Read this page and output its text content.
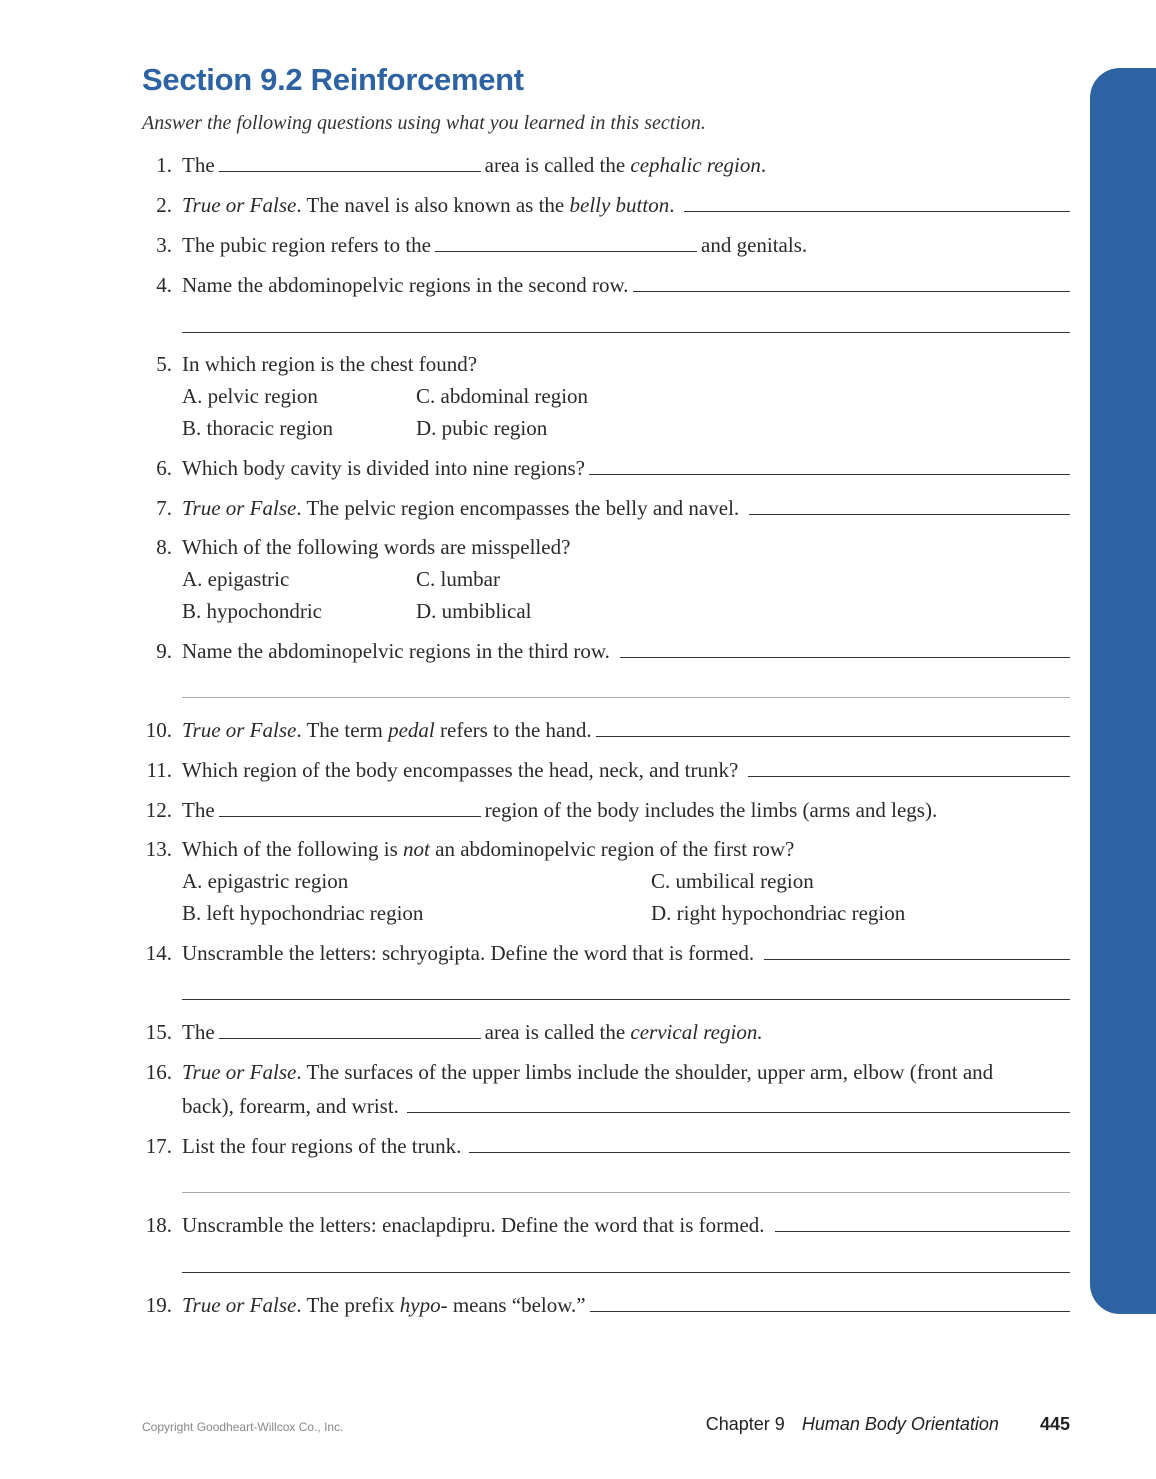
Section 9.2 Reinforcement
Answer the following questions using what you learned in this section.
1. The	area is called the
cephalic region .
2. True or False . The navel is also known as the
belly button .
3. The pubic region refers to the	and genitals.
4. Name the abdominopelvic regions in the second row.
5. In which region is the chest found?
A. pelvic region	C. abdominal region
B. thoracic region	D. pubic region
6. Which body cavity is divided into nine regions?
7. True or False . The pelvic region encompasses the belly and navel.
8. Which of the following words are misspelled?
A. epigastric	C. lumbar
B. hypochondric	D. umbiblical
9. Name the abdominopelvic regions in the third row.
10. True or False . The term
pedal
refers to the hand.
11. Which region of the body encompasses the head, neck, and trunk?
12. The	region of the body includes the limbs (arms and legs).
13. Which of the following is
not
an abdominopelvic region of the first row?
A. epigastric region	C. umbilical region
B. left hypochondriac region	D. right hypochondriac region
14. Unscramble the letters: schryogipta. Define the word that is formed.
15. The	area is called the
cervical region.
16. True or False . The surfaces of the upper limbs include the shoulder, upper arm, elbow (front and
back), forearm, and wrist.
17. List the four regions of the trunk.
18. Unscramble the letters: enaclapdipru. Define the word that is formed.
19. True or False . The prefix
hypo-
means “below.”
Copyright Goodheart-Willcox Co., Inc.	Chapter 9 Human Body Orientation 445
